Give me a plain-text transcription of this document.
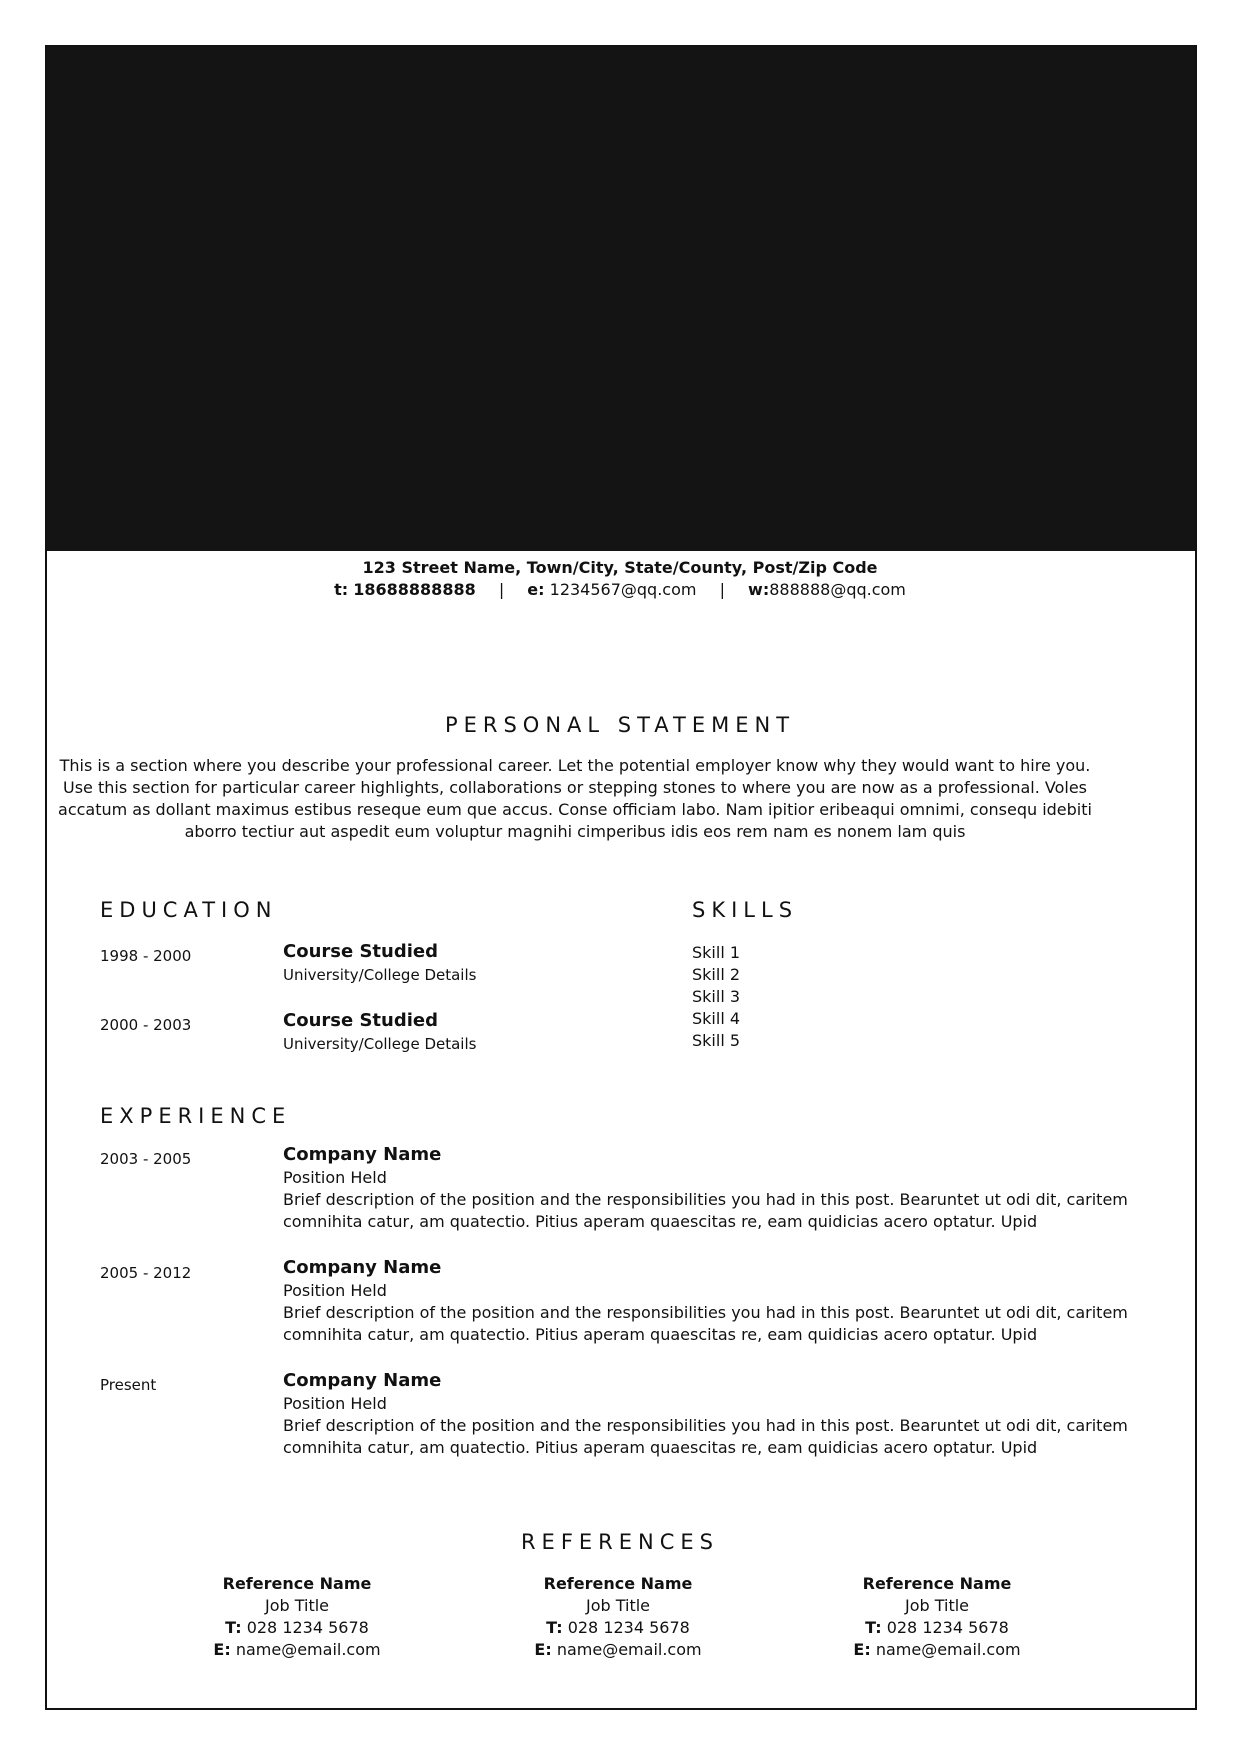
123 Street Name, Town/City, State/County, Post/Zip Code
t: 18688888888 | e: 1234567@qq.com | w:888888@qq.com
PERSONAL STATEMENT
This is a section where you describe your professional career. Let the potential employer know why they would want to hire you. Use this section for particular career highlights, collaborations or stepping stones to where you are now as a professional. Voles accatum as dollant maximus estibus reseque eum que accus. Conse officiam labo. Nam ipitior eribeaqui omnimi, consequ idebiti aborro tectiur aut aspedit eum voluptur magnihi cimperibus idis eos rem nam es nonem lam quis
EDUCATION
1998 - 2000	Course Studied
University/College Details
2000 - 2003	Course Studied
University/College Details
SKILLS
Skill 1
Skill 2
Skill 3
Skill 4
Skill 5
EXPERIENCE
2003 - 2005	Company Name
Position Held
Brief description of the position and the responsibilities you had in this post. Bearuntet ut odi dit, caritem comnihita catur, am quatectio. Pitius aperam quaescitas re, eam quidicias acero optatur. Upid
2005 - 2012	Company Name
Position Held
Brief description of the position and the responsibilities you had in this post. Bearuntet ut odi dit, caritem comnihita catur, am quatectio. Pitius aperam quaescitas re, eam quidicias acero optatur. Upid
Present	Company Name
Position Held
Brief description of the position and the responsibilities you had in this post. Bearuntet ut odi dit, caritem comnihita catur, am quatectio. Pitius aperam quaescitas re, eam quidicias acero optatur. Upid
REFERENCES
Reference Name
Job Title
T: 028 1234 5678
E: name@email.com
Reference Name
Job Title
T: 028 1234 5678
E: name@email.com
Reference Name
Job Title
T: 028 1234 5678
E: name@email.com
